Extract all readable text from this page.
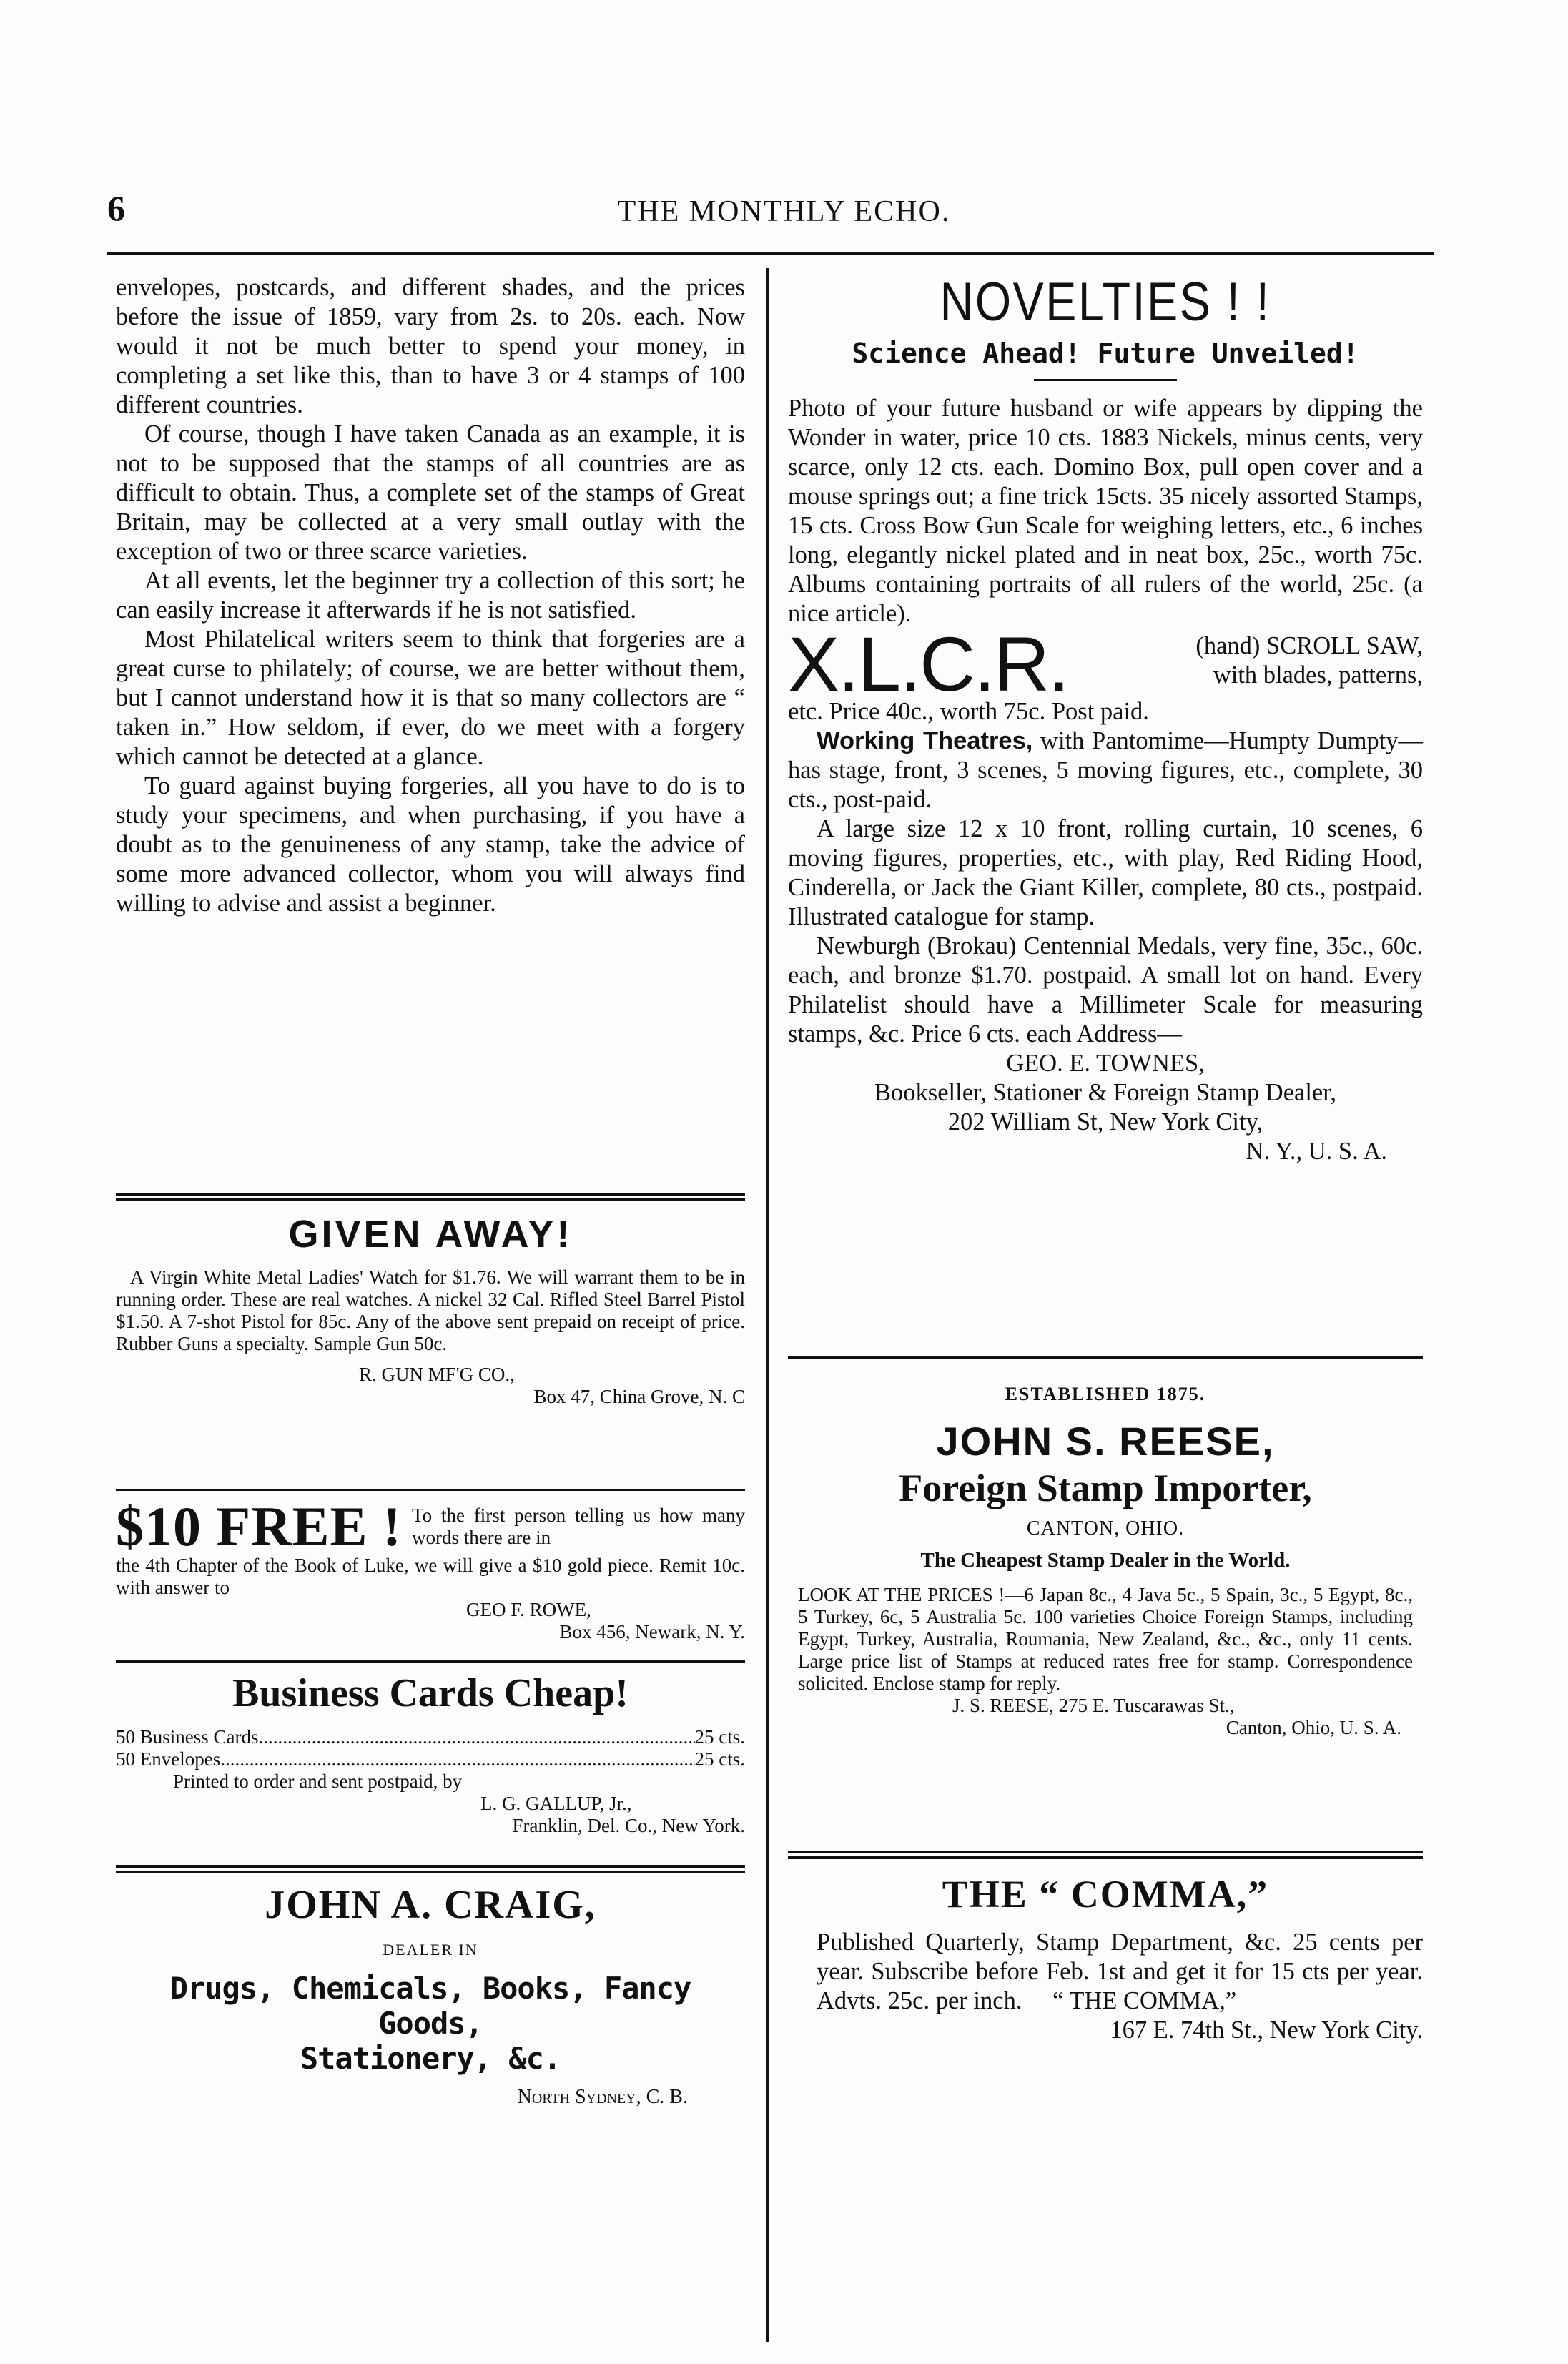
6	THE MONTHLY ECHO.

envelopes, postcards, and different shades, and the prices before the issue of 1859, vary from 2s. to 20s. each. Now would it not be much better to spend your money, in completing a set like this, than to have 3 or 4 stamps of 100 different countries.

Of course, though I have taken Canada as an example, it is not to be supposed that the stamps of all countries are as difficult to obtain. Thus, a complete set of the stamps of Great Britain, may be collected at a very small outlay with the exception of two or three scarce varieties.

At all events, let the beginner try a collection of this sort; he can easily increase it afterwards if he is not satisfied.

Most Philatelical writers seem to think that forgeries are a great curse to philately; of course, we are better without them, but I cannot understand how it is that so many collectors are “ taken in.” How seldom, if ever, do we meet with a forgery which cannot be detected at a glance.

To guard against buying forgeries, all you have to do is to study your specimens, and when purchasing, if you have a doubt as to the genuineness of any stamp, take the advice of some more advanced collector, whom you will always find willing to advise and assist a beginner.

GIVEN AWAY!
A Virgin White Metal Ladies' Watch for $1.76. We will warrant them to be in running order. These are real watches. A nickel 32 Cal. Rifled Steel Barrel Pistol $1.50. A 7-shot Pistol for 85c. Any of the above sent prepaid on receipt of price. Rubber Guns a specialty. Sample Gun 50c.
R. GUN MF'G CO.,
Box 47, China Grove, N. C
$10 FREE ! To the first person telling us how many words there are in
the 4th Chapter of the Book of Luke, we will give a $10 gold piece. Remit 10c. with answer to
GEO F. ROWE,
Box 456, Newark, N. Y.
Business Cards Cheap!
50 Business Cards .....	25 cts.
50 Envelopes .....	25 cts.
Printed to order and sent postpaid, by
L. G. GALLUP, Jr.,
Franklin, Del. Co., New York.
JOHN A. CRAIG,
DEALER IN
Drugs, Chemicals, Books, Fancy Goods,
Stationery, &c.
North Sydney, C. B.
NOVELTIES ! !
Science Ahead! Future Unveiled!
Photo of your future husband or wife appears by dipping the Wonder in water, price 10 cts. 1883 Nickels, minus cents, very scarce, only 12 cts. each. Domino Box, pull open cover and a mouse springs out; a fine trick 15cts. 35 nicely assorted Stamps, 15 cts. Cross Bow Gun Scale for weighing letters, etc., 6 inches long, elegantly nickel plated and in neat box, 25c., worth 75c. Albums containing portraits of all rulers of the world, 25c. (a nice article).
X.L.C.R.	(hand) SCROLL SAW,
with blades, patterns,
etc. Price 40c., worth 75c. Post paid.
Working Theatres, with Pantomime—Humpty Dumpty—has stage, front, 3 scenes, 5 moving figures, etc., complete, 30 cts., post-paid.
A large size 12 x 10 front, rolling curtain, 10 scenes, 6 moving figures, properties, etc., with play, Red Riding Hood, Cinderella, or Jack the Giant Killer, complete, 80 cts., postpaid. Illustrated catalogue for stamp.
Newburgh (Brokau) Centennial Medals, very fine, 35c., 60c. each, and bronze $1.70. postpaid. A small lot on hand. Every Philatelist should have a Millimeter Scale for measuring stamps, &c. Price 6 cts. each Address—
GEO. E. TOWNES,
Bookseller, Stationer & Foreign Stamp Dealer,
202 William St, New York City,
N. Y., U. S. A.
ESTABLISHED 1875.
JOHN S. REESE,
Foreign Stamp Importer,
CANTON, OHIO.
The Cheapest Stamp Dealer in the World.
LOOK AT THE PRICES !—6 Japan 8c., 4 Java 5c., 5 Spain, 3c., 5 Egypt, 8c., 5 Turkey, 6c, 5 Australia 5c. 100 varieties Choice Foreign Stamps, including Egypt, Turkey, Australia, Roumania, New Zealand, &c., &c., only 11 cents. Large price list of Stamps at reduced rates free for stamp. Correspondence solicited. Enclose stamp for reply.
J. S. REESE, 275 E. Tuscarawas St.,
Canton, Ohio, U. S. A.
THE “ COMMA,”
Published Quarterly, Stamp Department, &c. 25 cents per year. Subscribe before Feb. 1st and get it for 15 cts per year. Advts. 25c. per inch.	“ THE COMMA,”
167 E. 74th St., New York City.
